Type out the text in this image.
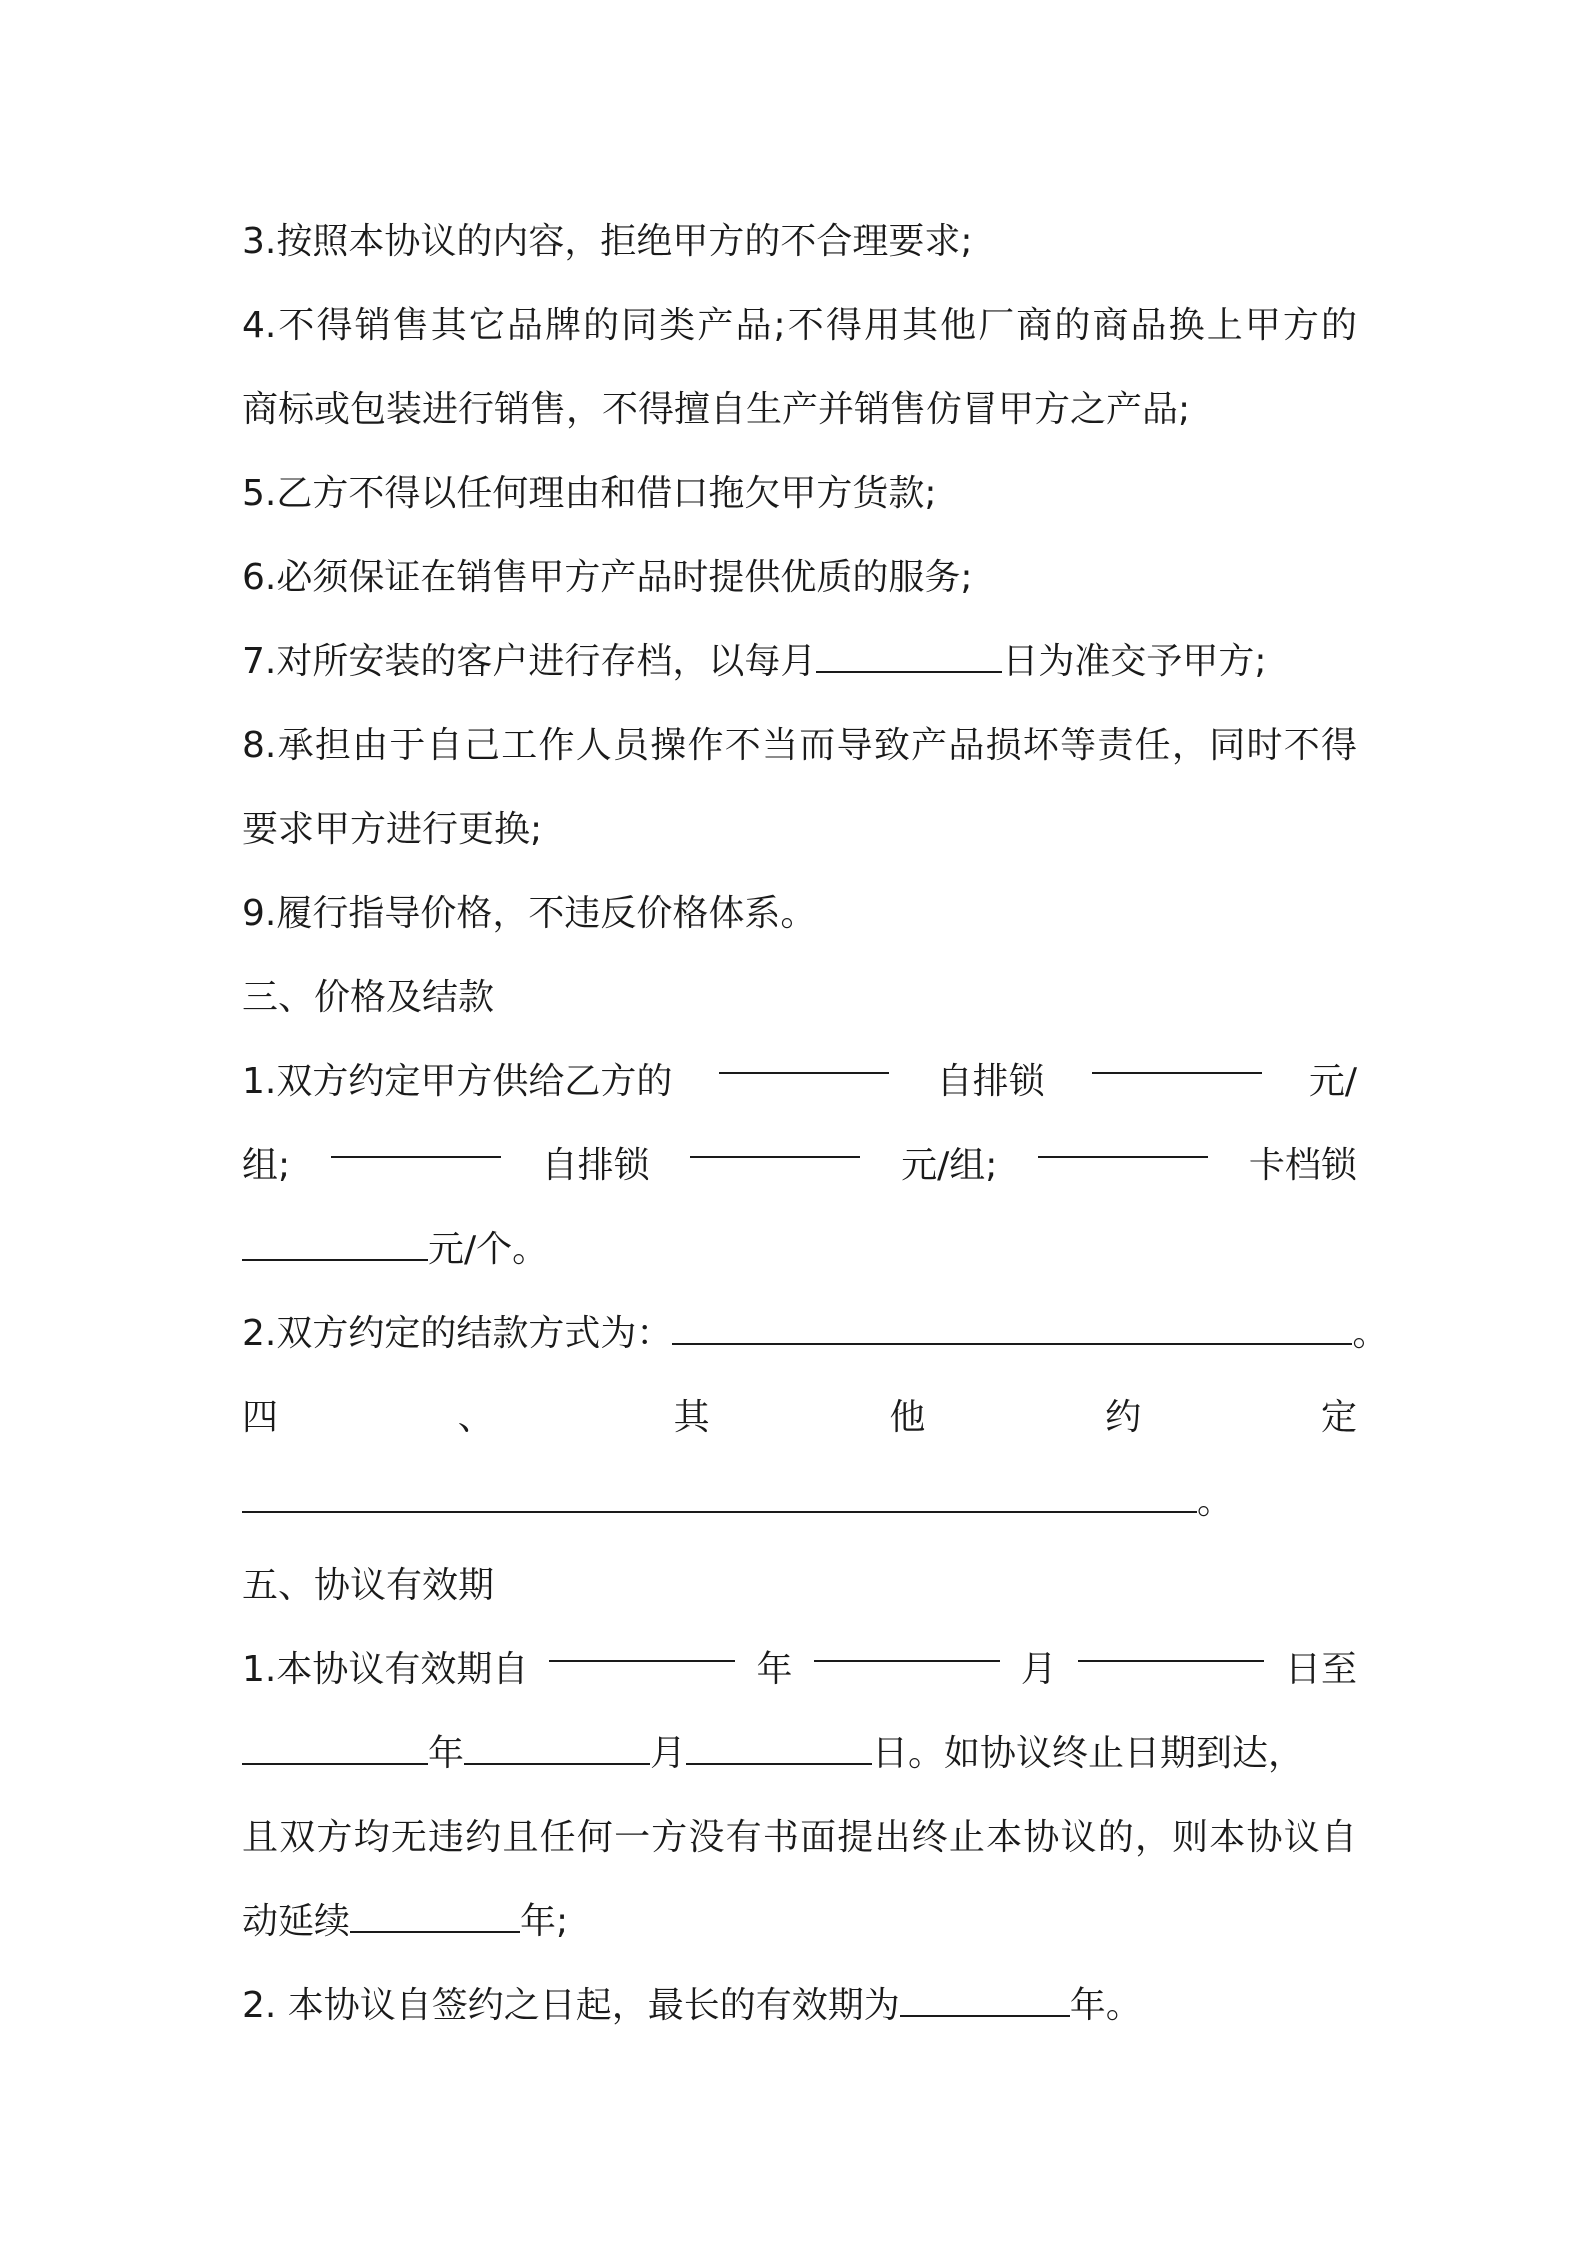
3.按照本协议的内容，拒绝甲方的不合理要求;
4.不得销售其它品牌的同类产品;不得用其他厂商的商品换上甲方的
商标或包装进行销售，不得擅自生产并销售仿冒甲方之产品;
5.乙方不得以任何理由和借口拖欠甲方货款;
6.必须保证在销售甲方产品时提供优质的服务;
7.对所安装的客户进行存档，以每月	日为准交予甲方;
8.承担由于自己工作人员操作不当而导致产品损坏等责任，同时不得
要求甲方进行更换;
9.履行指导价格，不违反价格体系。
三、价格及结款
1.双方约定甲方供给乙方的	自排锁	元/
组;	自排锁	元/组;	卡档锁
元/个。
2.双方约定的结款方式为：	。
四	、	其	他	约	定
。
五、协议有效期
1.本协议有效期自	年	月	日至
年	月	日。如协议终止日期到达，
且双方均无违约且任何一方没有书面提出终止本协议的，则本协议自
动延续	年;
2. 本协议自签约之日起，最长的有效期为	年。
